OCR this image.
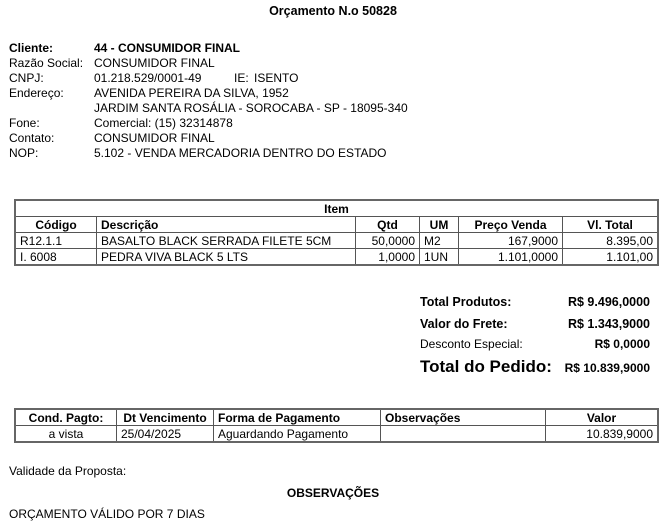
Orçamento N.o 50828
Cliente:	44 - CONSUMIDOR FINAL
Razão Social: CONSUMIDOR FINAL
CNPJ:	01.218.529/0001-49	IE: ISENTO
Endereço:	AVENIDA PEREIRA DA SILVA, 1952
JARDIM SANTA ROSÁLIA - SOROCABA - SP - 18095-340
Fone:	Comercial: (15) 32314878
Contato:	CONSUMIDOR FINAL
NOP:	5.102 - VENDA MERCADORIA DENTRO DO ESTADO
Item					
Código	Descrição	Qtd	UM	Preço Venda	Vl. Total
R12.1.1	BASALTO BLACK SERRADA FILETE 5CM	50,0000	M2	167,9000	8.395,00
I. 6008	PEDRA VIVA BLACK 5 LTS	1,0000	1UN	1.101,0000	1.101,00
Total Produtos:	R$ 9.496,0000
Valor do Frete:	R$ 1.343,9000
Desconto Especial:	R$ 0,0000
Total do Pedido: R$ 10.839,9000
Cond. Pagto:	Dt Vencimento	Forma de Pagamento	Observações	Valor
a vista	25/04/2025	Aguardando Pagamento		10.839,9000
Validade da Proposta:
OBSERVAÇÕES
ORÇAMENTO VÁLIDO POR 7 DIAS
